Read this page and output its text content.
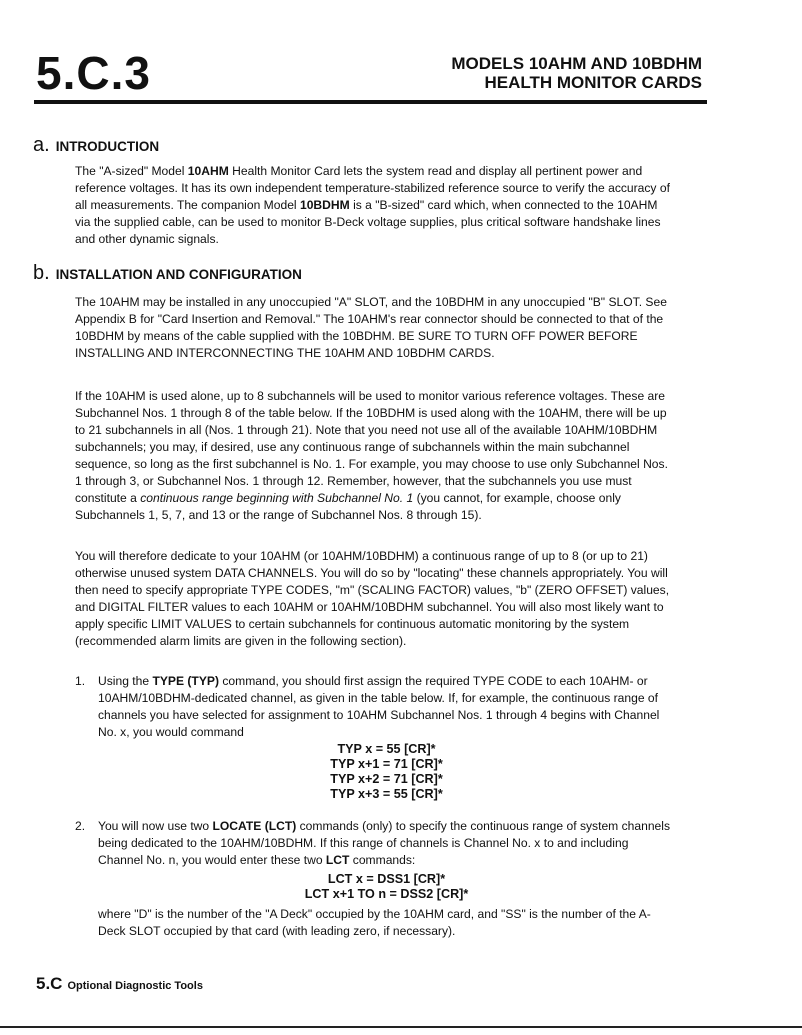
5.C.3	MODELS 10AHM AND 10BDHM
HEALTH MONITOR CARDS
a. INTRODUCTION
The "A-sized" Model 10AHM Health Monitor Card lets the system read and display all pertinent power and reference voltages. It has its own independent temperature-stabilized reference source to verify the accuracy of all measurements. The companion Model 10BDHM is a "B-sized" card which, when connected to the 10AHM via the supplied cable, can be used to monitor B-Deck voltage supplies, plus critical software handshake lines and other dynamic signals.
b. INSTALLATION AND CONFIGURATION
The 10AHM may be installed in any unoccupied "A" SLOT, and the 10BDHM in any unoccupied "B" SLOT. See Appendix B for "Card Insertion and Removal." The 10AHM's rear connector should be connected to that of the 10BDHM by means of the cable supplied with the 10BDHM. BE SURE TO TURN OFF POWER BEFORE INSTALLING AND INTERCONNECTING THE 10AHM AND 10BDHM CARDS.
If the 10AHM is used alone, up to 8 subchannels will be used to monitor various reference voltages. These are Subchannel Nos. 1 through 8 of the table below. If the 10BDHM is used along with the 10AHM, there will be up to 21 subchannels in all (Nos. 1 through 21). Note that you need not use all of the available 10AHM/10BDHM subchannels; you may, if desired, use any continuous range of subchannels within the main subchannel sequence, so long as the first subchannel is No. 1. For example, you may choose to use only Subchannel Nos. 1 through 3, or Subchannel Nos. 1 through 12. Remember, however, that the subchannels you use must constitute a continuous range beginning with Subchannel No. 1 (you cannot, for example, choose only Subchannels 1, 5, 7, and 13 or the range of Subchannel Nos. 8 through 15).
You will therefore dedicate to your 10AHM (or 10AHM/10BDHM) a continuous range of up to 8 (or up to 21) otherwise unused system DATA CHANNELS. You will do so by "locating" these channels appropriately. You will then need to specify appropriate TYPE CODES, "m" (SCALING FACTOR) values, "b" (ZERO OFFSET) values, and DIGITAL FILTER values to each 10AHM or 10AHM/10BDHM subchannel. You will also most likely want to apply specific LIMIT VALUES to certain subchannels for continuous automatic monitoring by the system (recommended alarm limits are given in the following section).
1. Using the TYPE (TYP) command, you should first assign the required TYPE CODE to each 10AHM- or 10AHM/10BDHM-dedicated channel, as given in the table below. If, for example, the continuous range of channels you have selected for assignment to 10AHM Subchannel Nos. 1 through 4 begins with Channel No. x, you would command
TYP x = 55 [CR]*
TYP x+1 = 71 [CR]*
TYP x+2 = 71 [CR]*
TYP x+3 = 55 [CR]*
2. You will now use two LOCATE (LCT) commands (only) to specify the continuous range of system channels being dedicated to the 10AHM/10BDHM. If this range of channels is Channel No. x to and including Channel No. n, you would enter these two LCT commands:
LCT x = DSS1 [CR]*
LCT x+1 TO n = DSS2 [CR]*
where "D" is the number of the "A Deck" occupied by the 10AHM card, and "SS" is the number of the A-Deck SLOT occupied by that card (with leading zero, if necessary).
5.C Optional Diagnostic Tools
